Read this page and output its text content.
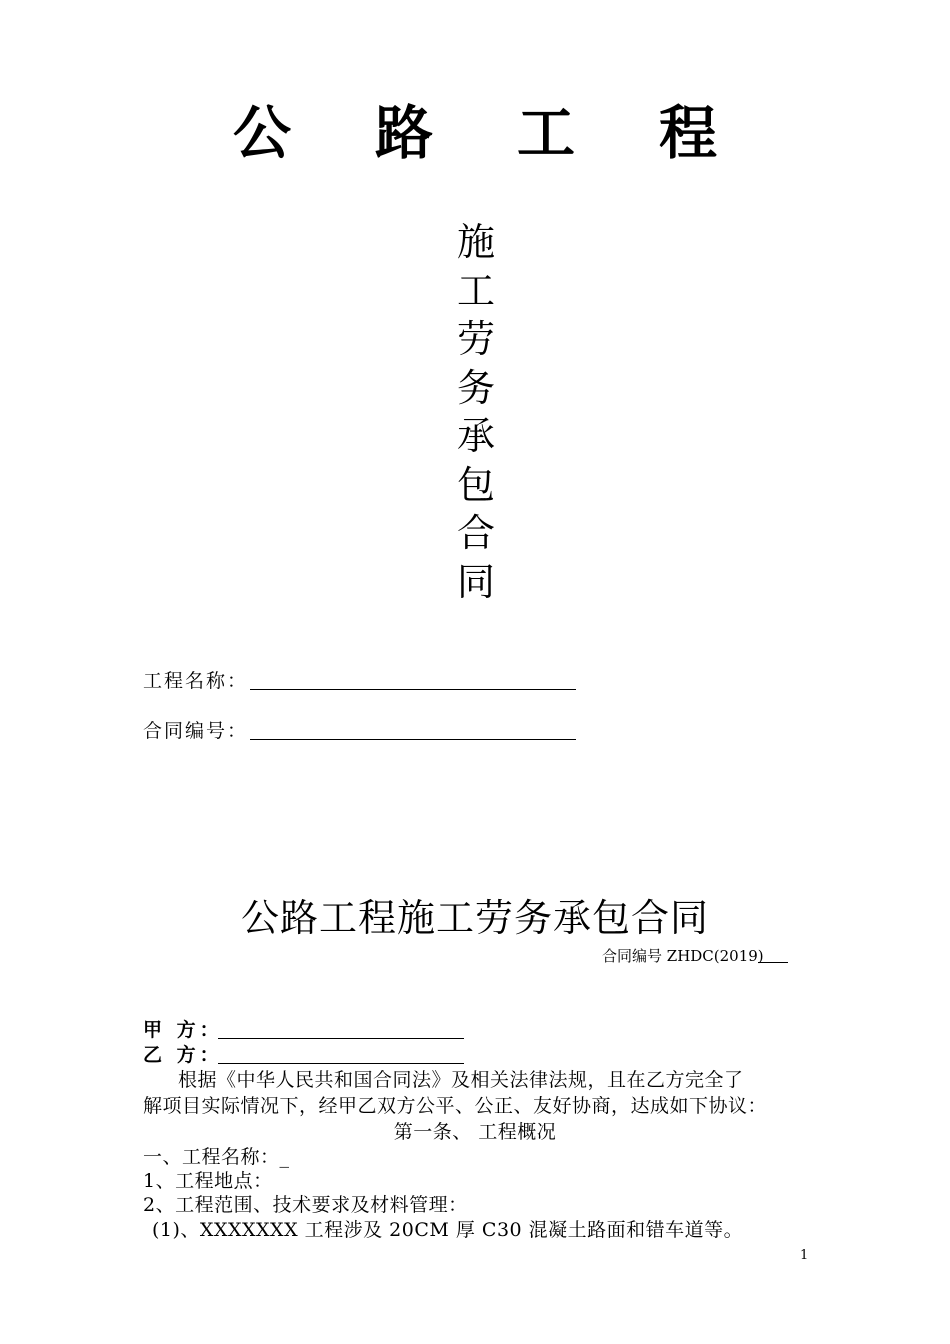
公 路 工 程
施
工
劳
务
承
包
合
同
工程名称：
合同编号：
公路工程施工劳务承包合同
合同编号 ZHDC(2019)
甲 方：
乙 方：
根据《中华人民共和国合同法》及相关法律法规，且在乙方完全了
解项目实际情况下，经甲乙双方公平、公正、友好协商，达成如下协议：
第一条、 工程概况
一、工程名称：_
1、工程地点：
2、工程范围、技术要求及材料管理：
(1)、XXXXXXX 工程涉及 20CM 厚 C30 混凝土路面和错车道等。
1
